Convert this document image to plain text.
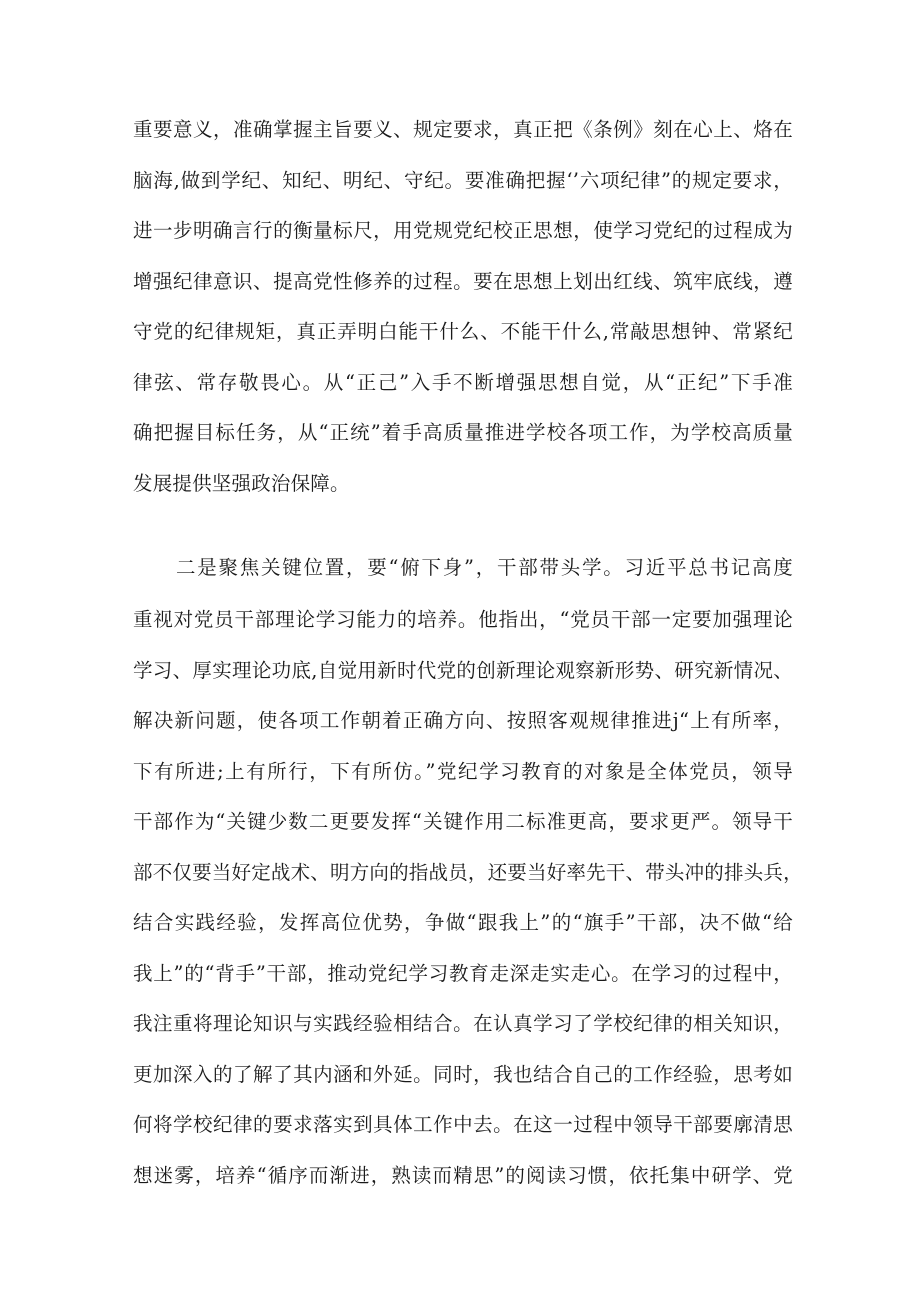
重要意义，准确掌握主旨要义、规定要求，真正把《条例》刻在心上、烙在
脑海,做到学纪、知纪、明纪、守纪。要准确把握‘’六项纪律”的规定要求，
进一步明确言行的衡量标尺，用党规党纪校正思想，使学习党纪的过程成为
增强纪律意识、提高党性修养的过程。要在思想上划出红线、筑牢底线，遵
守党的纪律规矩，真正弄明白能干什么、不能干什么,常敲思想钟、常紧纪
律弦、常存敬畏心。从“正己”入手不断增强思想自觉，从“正纪”下手准
确把握目标任务，从“正统”着手高质量推进学校各项工作，为学校高质量
发展提供坚强政治保障。
二是聚焦关键位置，要“俯下身”，干部带头学。习近平总书记高度
重视对党员干部理论学习能力的培养。他指出，“党员干部一定要加强理论
学习、厚实理论功底,自觉用新时代党的创新理论观察新形势、研究新情况、
解决新问题，使各项工作朝着正确方向、按照客观规律推进j“上有所率，
下有所进;上有所行，下有所仿。”党纪学习教育的对象是全体党员，领导
干部作为“关键少数二更要发挥“关键作用二标准更高，要求更严。领导干
部不仅要当好定战术、明方向的指战员，还要当好率先干、带头冲的排头兵，
结合实践经验，发挥高位优势，争做“跟我上”的“旗手”干部，决不做“给
我上”的“背手”干部，推动党纪学习教育走深走实走心。在学习的过程中，
我注重将理论知识与实践经验相结合。在认真学习了学校纪律的相关知识，
更加深入的了解了其内涵和外延。同时，我也结合自己的工作经验，思考如
何将学校纪律的要求落实到具体工作中去。在这一过程中领导干部要廓清思
想迷雾，培养“循序而渐进，熟读而精思”的阅读习惯，依托集中研学、党
